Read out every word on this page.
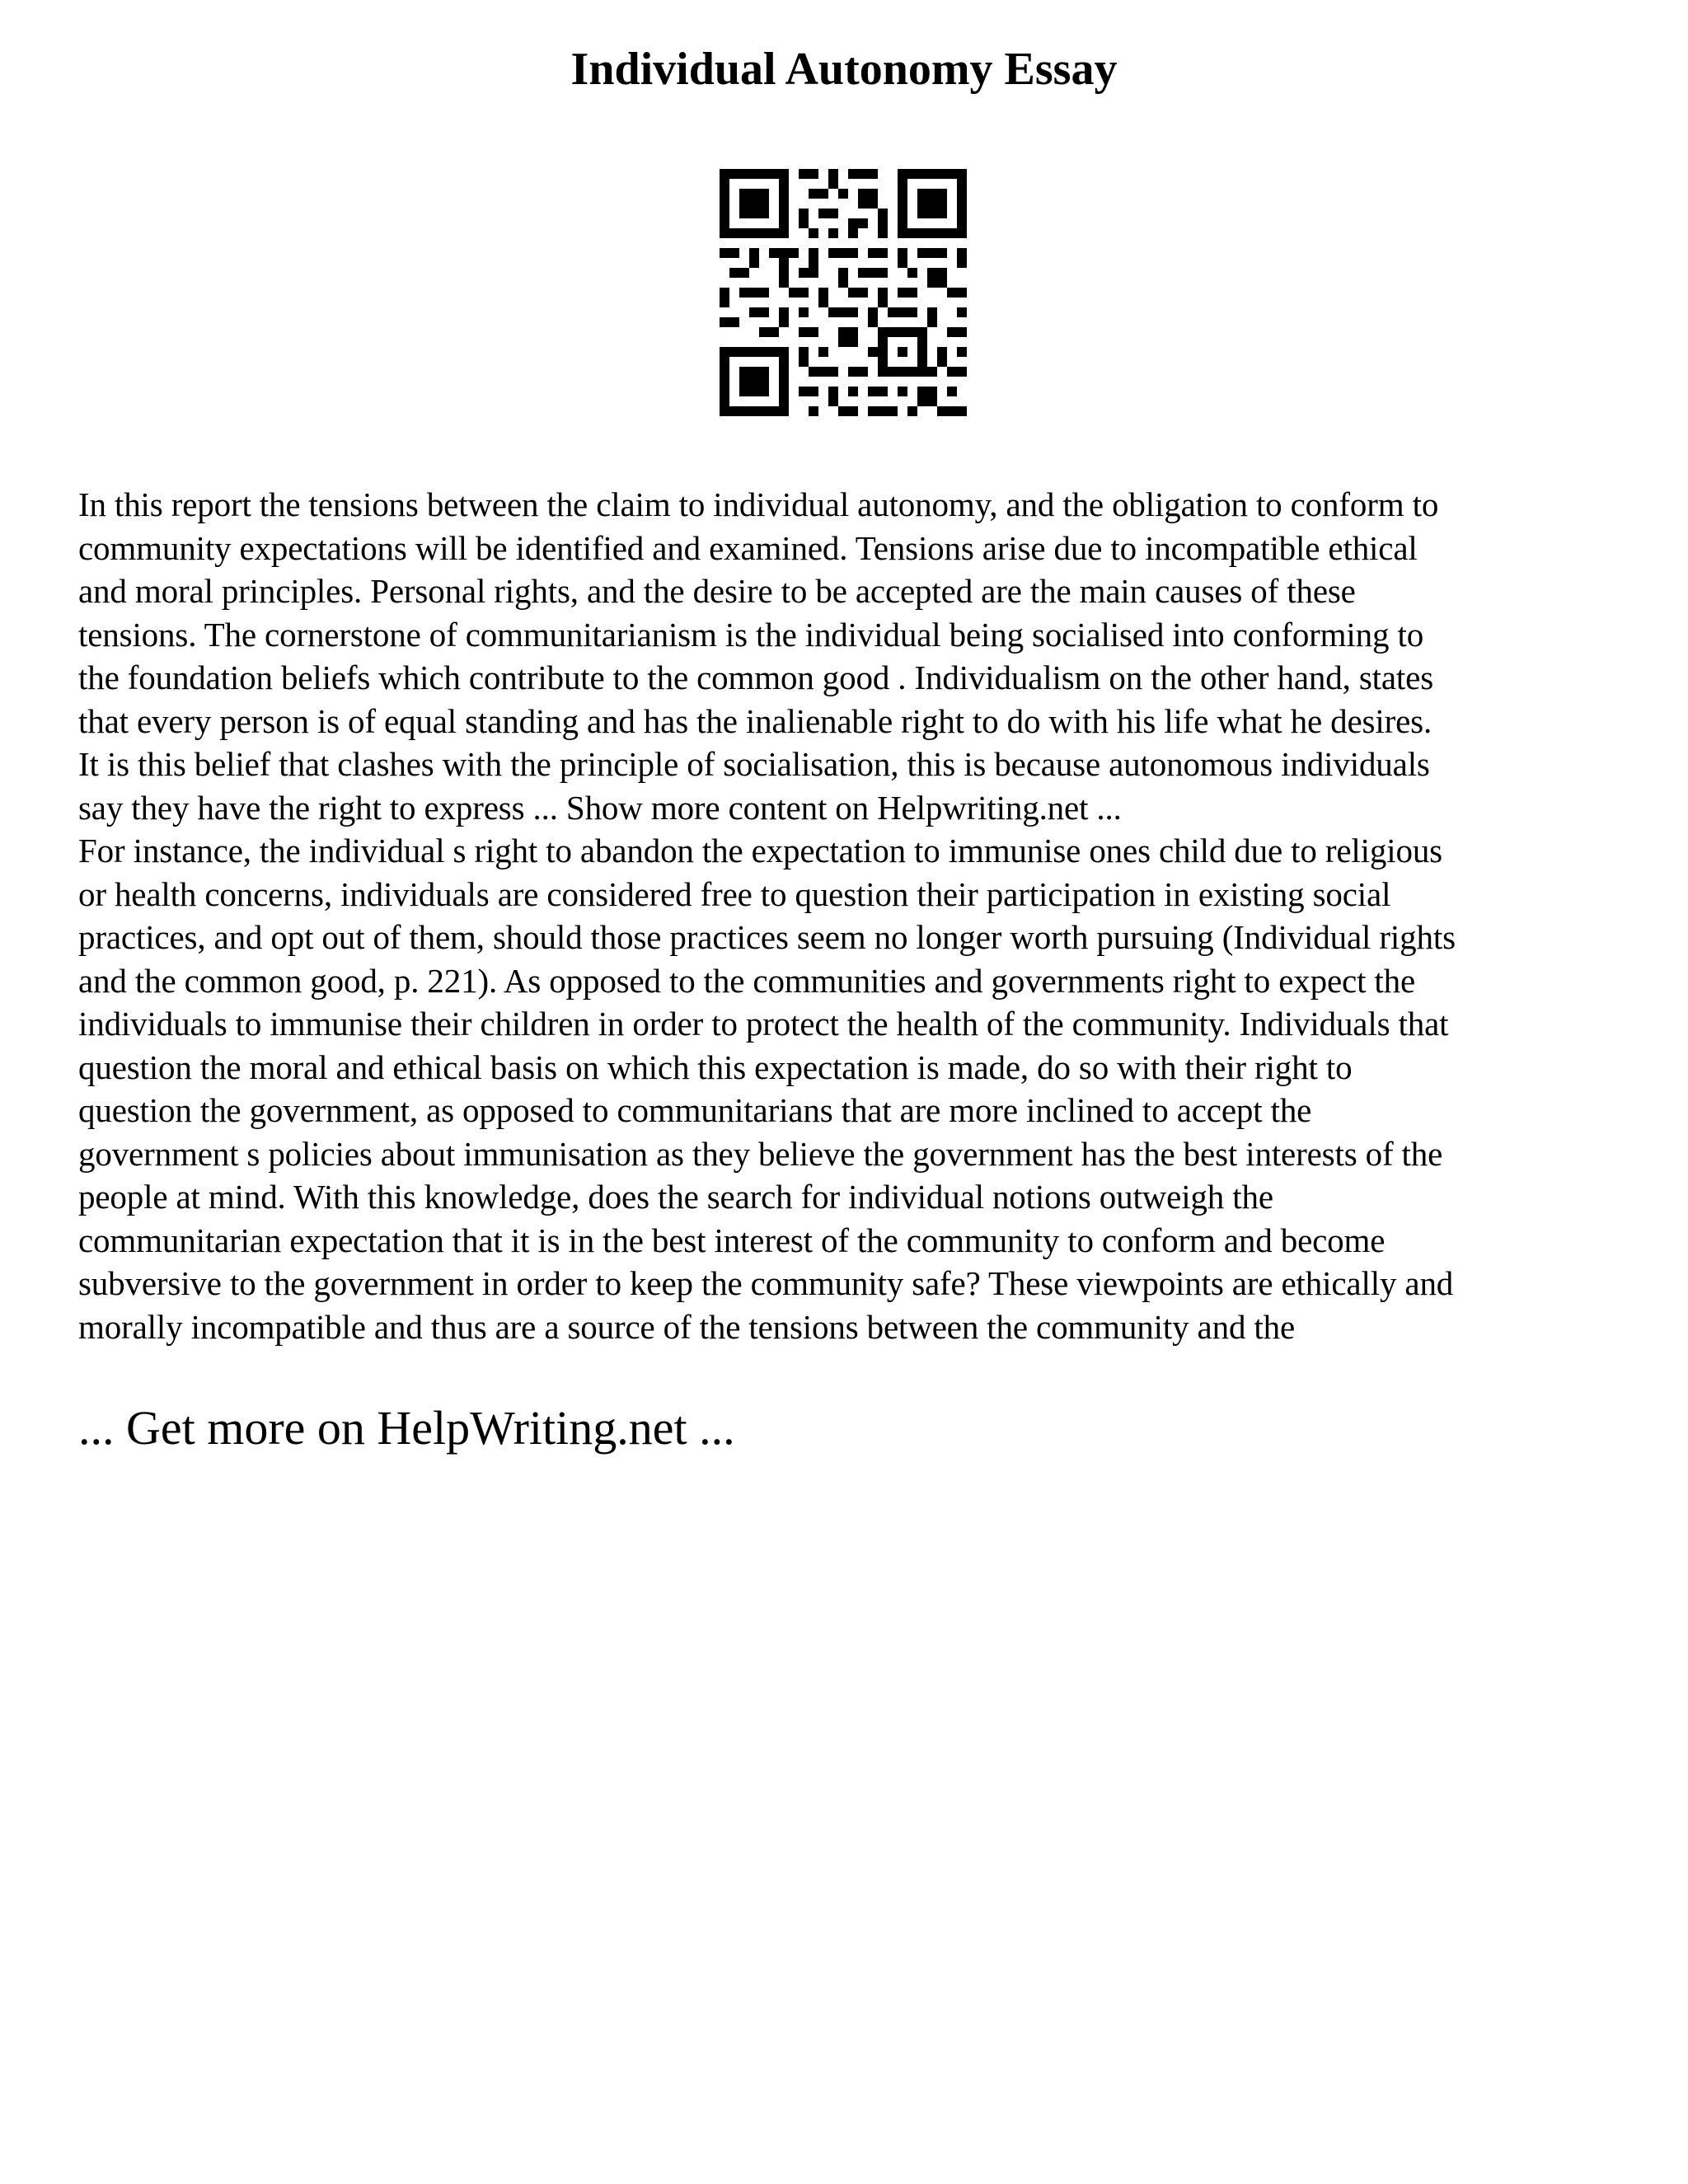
Individual Autonomy Essay
In this report the tensions between the claim to individual autonomy, and the obligation to conform to
community expectations will be identified and examined. Tensions arise due to incompatible ethical
and moral principles. Personal rights, and the desire to be accepted are the main causes of these
tensions. The cornerstone of communitarianism is the individual being socialised into conforming to
the foundation beliefs which contribute to the common good . Individualism on the other hand, states
that every person is of equal standing and has the inalienable right to do with his life what he desires.
It is this belief that clashes with the principle of socialisation, this is because autonomous individuals
say they have the right to express ... Show more content on Helpwriting.net ...
For instance, the individual s right to abandon the expectation to immunise ones child due to religious
or health concerns, individuals are considered free to question their participation in existing social
practices, and opt out of them, should those practices seem no longer worth pursuing (Individual rights
and the common good, p. 221). As opposed to the communities and governments right to expect the
individuals to immunise their children in order to protect the health of the community. Individuals that
question the moral and ethical basis on which this expectation is made, do so with their right to
question the government, as opposed to communitarians that are more inclined to accept the
government s policies about immunisation as they believe the government has the best interests of the
people at mind. With this knowledge, does the search for individual notions outweigh the
communitarian expectation that it is in the best interest of the community to conform and become
subversive to the government in order to keep the community safe? These viewpoints are ethically and
morally incompatible and thus are a source of the tensions between the community and the

... Get more on HelpWriting.net ...
